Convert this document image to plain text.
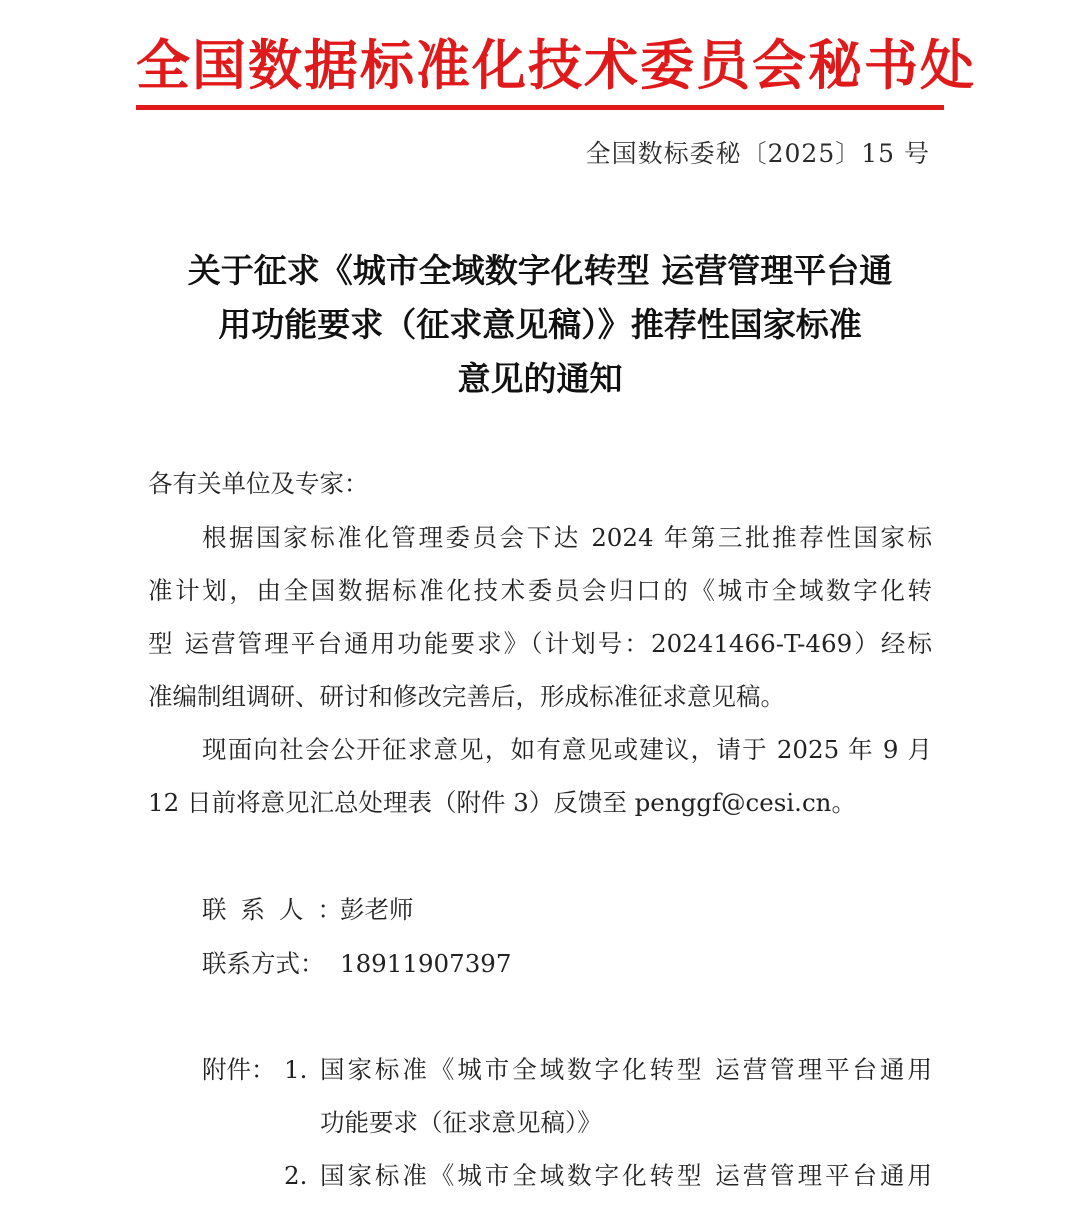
全国数据标准化技术委员会秘书处
全国数标委秘〔2025〕15 号
关于征求《城市全域数字化转型 运营管理平台通
用功能要求（征求意见稿）》推荐性国家标准
意见的通知
各有关单位及专家：
根据国家标准化管理委员会下达 2024 年第三批推荐性国家标
准计划，由全国数据标准化技术委员会归口的《城市全域数字化转
型 运营管理平台通用功能要求》（计划号：20241466-T-469）经标
准编制组调研、研讨和修改完善后，形成标准征求意见稿。
现面向社会公开征求意见，如有意见或建议，请于 2025 年 9 月
12 日前将意见汇总处理表（附件 3）反馈至 penggf@cesi.cn。
联系人：
彭老师
联系方式： 18911907397
附件： 1. 国家标准《城市全域数字化转型 运营管理平台通用
功能要求（征求意见稿）》
2. 国家标准《城市全域数字化转型 运营管理平台通用
